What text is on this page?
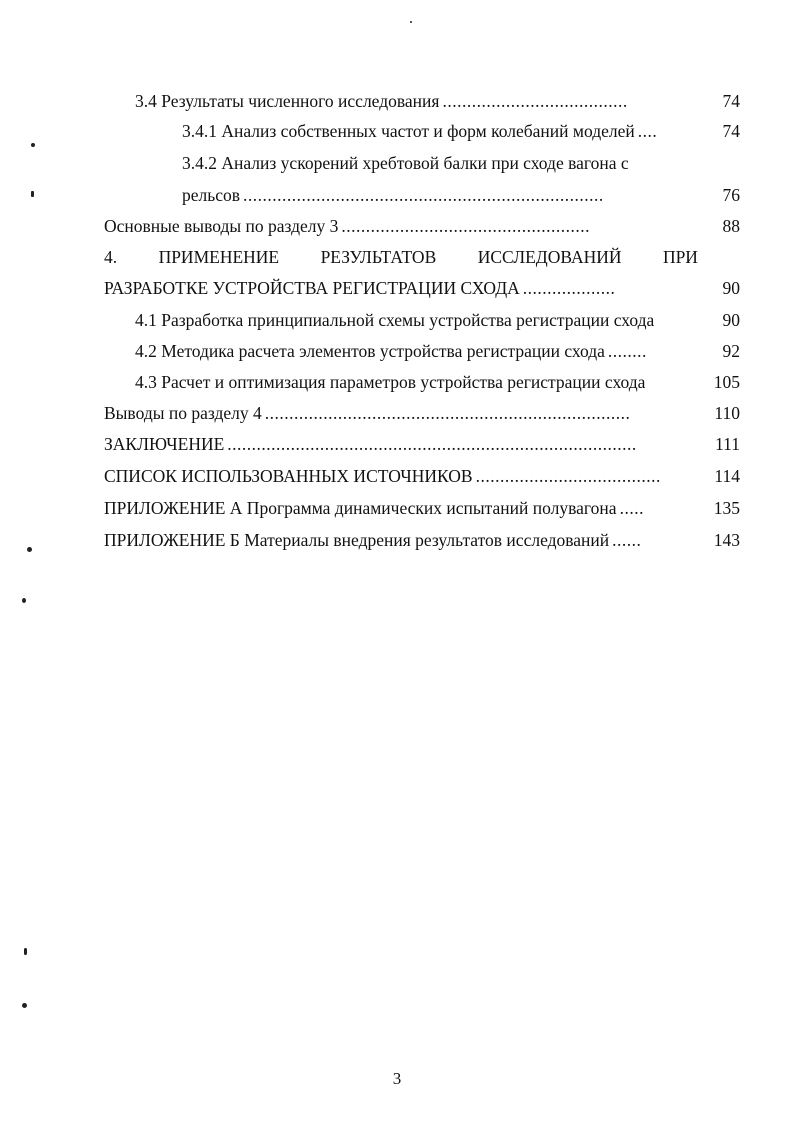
3.4 Результаты численного исследования ......................................	74
3.4.1 Анализ собственных частот и форм колебаний моделей ....	74
3.4.2 Анализ ускорений хребтовой балки при сходе вагона с
рельсов ..........................................................................	76
Основные выводы по разделу 3 ...................................................	88
4. ПРИМЕНЕНИЕ РЕЗУЛЬТАТОВ ИССЛЕДОВАНИЙ ПРИ
РАЗРАБОТКЕ УСТРОЙСТВА РЕГИСТРАЦИИ СХОДА ...................	90
4.1 Разработка принципиальной схемы устройства регистрации схода	90
4.2 Методика расчета элементов устройства регистрации схода ........	92
4.3 Расчет и оптимизация параметров устройства регистрации схода	105
Выводы по разделу 4 ...........................................................................	110
ЗАКЛЮЧЕНИЕ ....................................................................................	111
СПИСОК ИСПОЛЬЗОВАННЫХ ИСТОЧНИКОВ ......................................	114
ПРИЛОЖЕНИЕ А Программа динамических испытаний полувагона .....	135
ПРИЛОЖЕНИЕ Б Материалы внедрения результатов исследований ......	143
3
